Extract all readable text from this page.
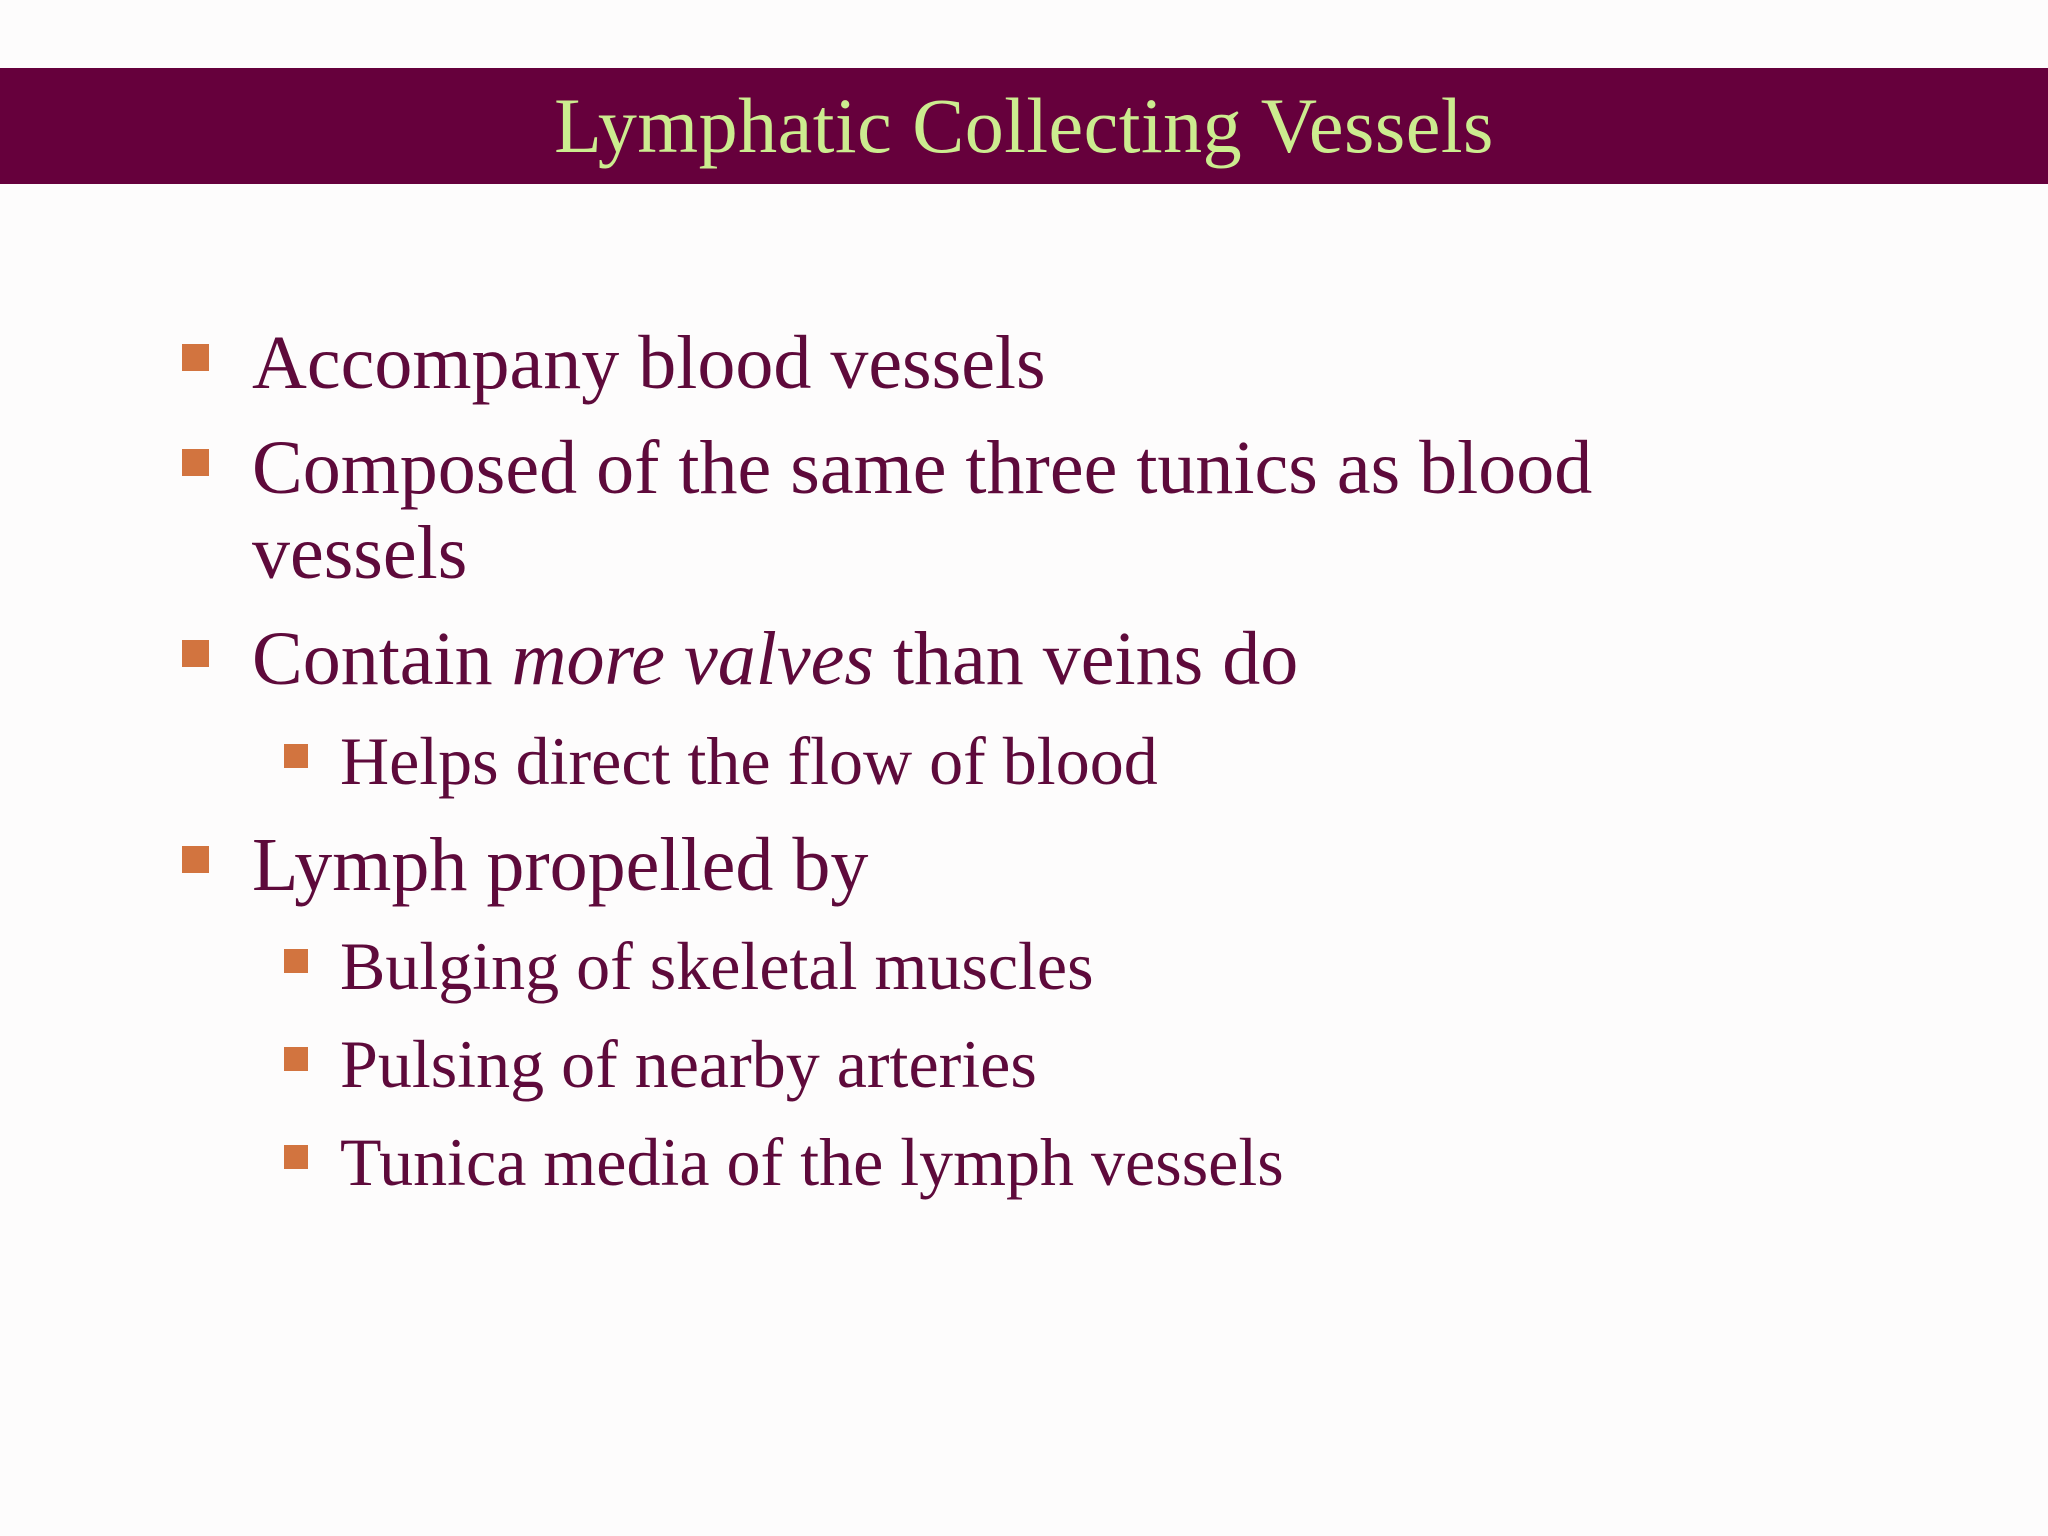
Lymphatic Collecting Vessels
Accompany blood vessels
Composed of the same three tunics as blood
vessels
Contain more valves than veins do
Helps direct the flow of blood
Lymph propelled by
Bulging of skeletal muscles
Pulsing of nearby arteries
Tunica media of the lymph vessels
